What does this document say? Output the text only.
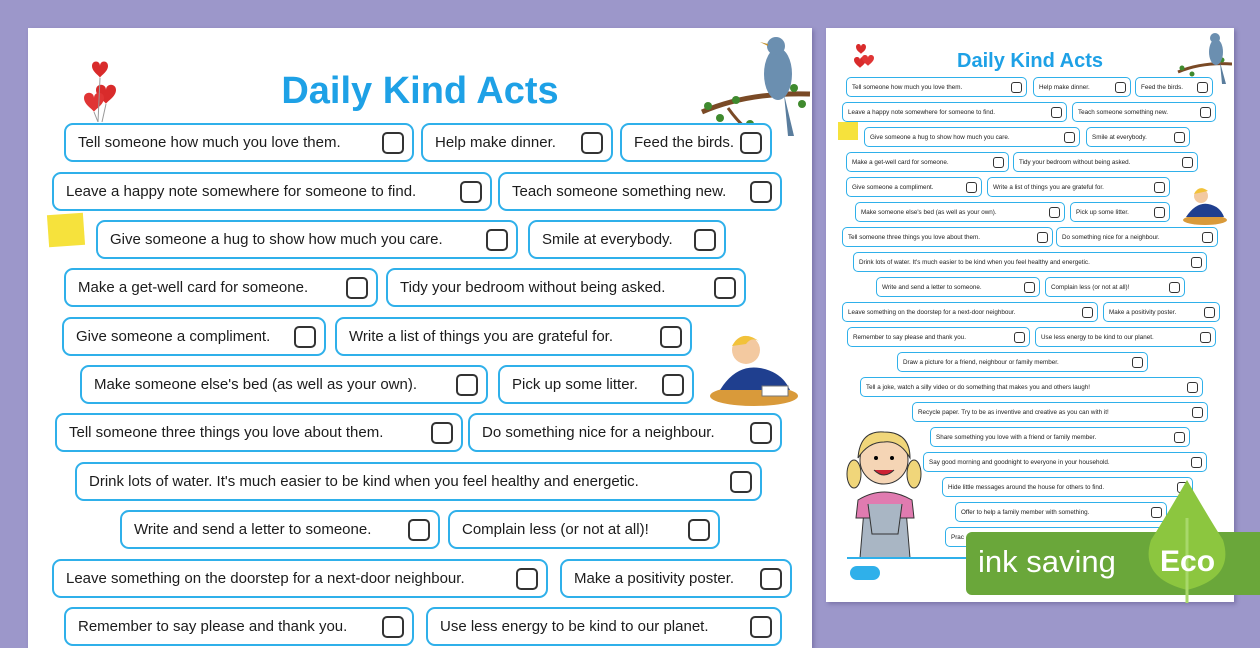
Daily Kind Acts
Tell someone how much you love them.	Help make dinner.	Feed the birds.
Leave a happy note somewhere for someone to find.	Teach someone something new.
Give someone a hug to show how much you care.	Smile at everybody.
Make a get-well card for someone.	Tidy your bedroom without being asked.
Give someone a compliment.	Write a list of things you are grateful for.
Make someone else's bed (as well as your own).	Pick up some litter.
Tell someone three things you love about them.	Do something nice for a neighbour.
Drink lots of water. It's much easier to be kind when you feel healthy and energetic.
Write and send a letter to someone.	Complain less (or not at all)!
Leave something on the doorstep for a next-door neighbour.	Make a positivity poster.
Remember to say please and thank you.	Use less energy to be kind to our planet.
Daily Kind Acts
Tell someone how much you love them.	Help make dinner.	Feed the birds.
Leave a happy note somewhere for someone to find.	Teach someone something new.
Give someone a hug to show how much you care.	Smile at everybody.
Make a get-well card for someone.	Tidy your bedroom without being asked.
Give someone a compliment.	Write a list of things you are grateful for.
Make someone else's bed (as well as your own).	Pick up some litter.
Tell someone three things you love about them.	Do something nice for a neighbour.
Drink lots of water. It's much easier to be kind when you feel healthy and energetic.
Write and send a letter to someone.	Complain less (or not at all)!
Leave something on the doorstep for a next-door neighbour.	Make a positivity poster.
Remember to say please and thank you.	Use less energy to be kind to our planet.
Draw a picture for a friend, neighbour or family member.
Tell a joke, watch a silly video or do something that makes you and others laugh!
Recycle paper. Try to be as inventive and creative as you can with it!
Share something you love with a friend or family member.
Say good morning and goodnight to everyone in your household.
Hide little messages around the house for others to find.
Offer to help a family member with something.
Prac
ink saving Eco
